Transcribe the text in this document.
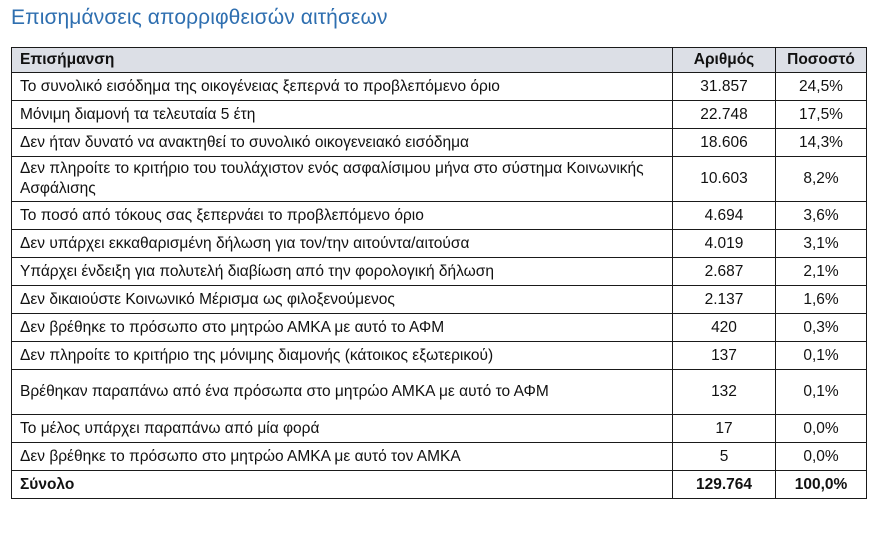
Επισημάνσεις απορριφθεισών αιτήσεων
Επισήμανση	Αριθμός	Ποσοστό
Το συνολικό εισόδημα της οικογένειας ξεπερνά το προβλεπόμενο όριο	31.857	24,5%
Μόνιμη διαμονή τα τελευταία 5 έτη	22.748	17,5%
Δεν ήταν δυνατό να ανακτηθεί το συνολικό οικογενειακό εισόδημα	18.606	14,3%
Δεν πληροίτε το κριτήριο του τουλάχιστον ενός ασφαλίσιμου μήνα στο σύστημα Κοινωνικής Ασφάλισης	10.603	8,2%
Το ποσό από τόκους σας ξεπερνάει το προβλεπόμενο όριο	4.694	3,6%
Δεν υπάρχει εκκαθαρισμένη δήλωση για τον/την αιτούντα/αιτούσα	4.019	3,1%
Υπάρχει ένδειξη για πολυτελή διαβίωση από την φορολογική δήλωση	2.687	2,1%
Δεν δικαιούστε Κοινωνικό Μέρισμα ως φιλοξενούμενος	2.137	1,6%
Δεν βρέθηκε το πρόσωπο στο μητρώο ΑΜΚΑ με αυτό το ΑΦΜ	420	0,3%
Δεν πληροίτε το κριτήριο της μόνιμης διαμονής (κάτοικος εξωτερικού)	137	0,1%
Βρέθηκαν παραπάνω από ένα πρόσωπα στο μητρώο ΑΜΚΑ με αυτό το ΑΦΜ	132	0,1%
Το μέλος υπάρχει παραπάνω από μία φορά	17	0,0%
Δεν βρέθηκε το πρόσωπο στο μητρώο ΑΜΚΑ με αυτό τον ΑΜΚΑ	5	0,0%
Σύνολο	129.764	100,0%
